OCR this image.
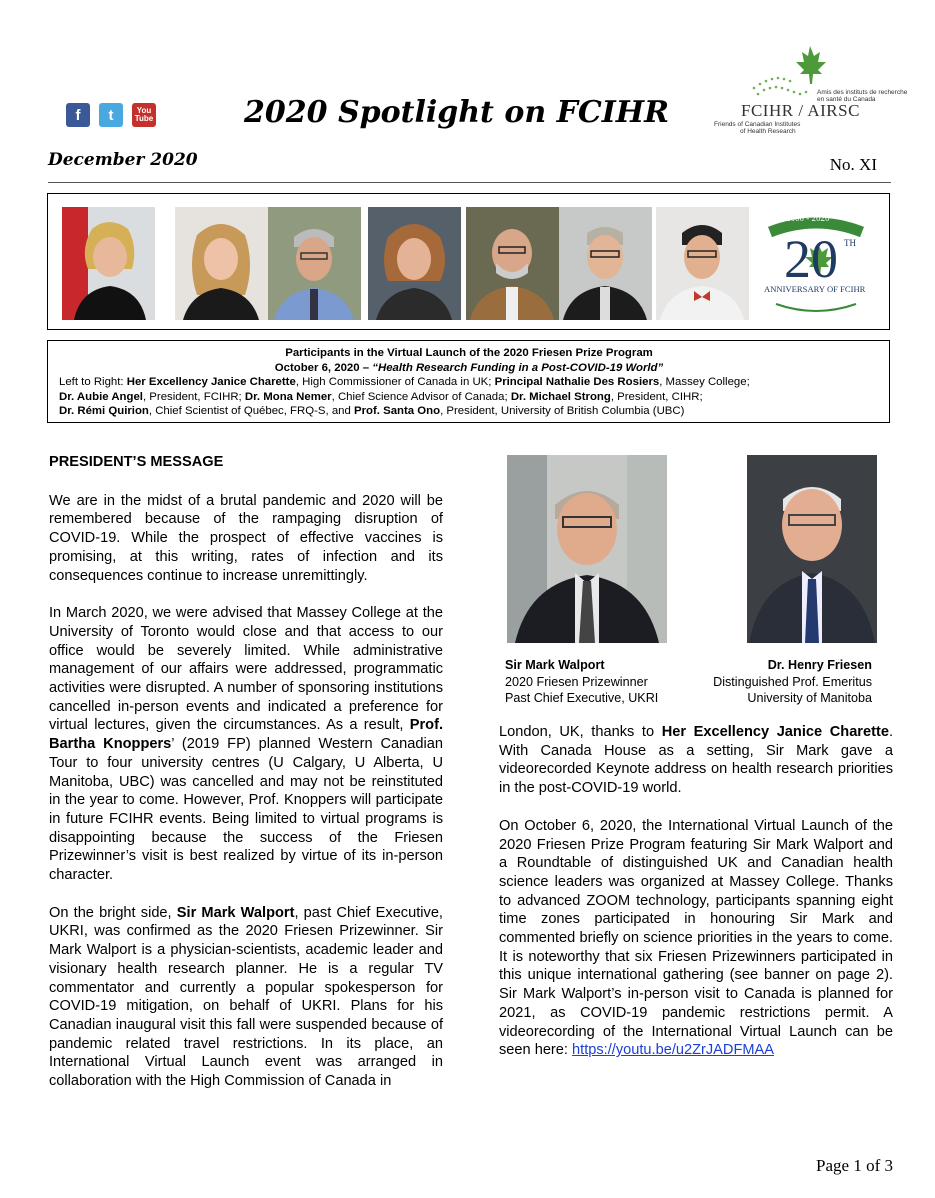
f	t	You
Tube	2020 Spotlight on FCIHR
Amis des instituts de recherche
en santé du Canada
FCIHR / AIRSC
Friends of Canadian Institutes
of Health Research
December 2020	No. XI
2000 - 2020
20 TH
ANNIVERSARY OF FCIHR
Participants in the Virtual Launch of the 2020 Friesen Prize Program
October 6, 2020 – “Health Research Funding in a Post-COVID-19 World”
Left to Right: Her Excellency Janice Charette, High Commissioner of Canada in UK; Principal Nathalie Des Rosiers, Massey College;
Dr. Aubie Angel, President, FCIHR; Dr. Mona Nemer, Chief Science Advisor of Canada; Dr. Michael Strong, President, CIHR;
Dr. Rémi Quirion, Chief Scientist of Québec, FRQ-S, and Prof. Santa Ono, President, University of British Columbia (UBC)
PRESIDENT’S MESSAGE

We are in the midst of a brutal pandemic and 2020 will be remembered because of the rampaging disruption of COVID-19. While the prospect of effective vaccines is promising, at this writing, rates of infection and its consequences continue to increase unremittingly.

In March 2020, we were advised that Massey College at the University of Toronto would close and that access to our office would be severely limited. While administrative management of our affairs were addressed, programmatic activities were disrupted. A number of sponsoring institutions cancelled in-person events and indicated a preference for virtual lectures, given the circumstances. As a result, Prof. Bartha Knoppers’ (2019 FP) planned Western Canadian Tour to four university centres (U Calgary, U Alberta, U Manitoba, UBC) was cancelled and may not be reinstituted in the year to come. However, Prof. Knoppers will participate in future FCIHR events. Being limited to virtual programs is disappointing because the success of the Friesen Prizewinner’s visit is best realized by virtue of its in-person character.

On the bright side, Sir Mark Walport, past Chief Executive, UKRI, was confirmed as the 2020 Friesen Prizewinner. Sir Mark Walport is a physician-scientists, academic leader and visionary health research planner. He is a regular TV commentator and currently a popular spokesperson for COVID-19 mitigation, on behalf of UKRI. Plans for his Canadian inaugural visit this fall were suspended because of pandemic related travel restrictions. In its place, an International Virtual Launch event was arranged in collaboration with the High Commission of Canada in

Sir Mark Walport
2020 Friesen Prizewinner
Past Chief Executive, UKRI
Dr. Henry Friesen
Distinguished Prof. Emeritus
University of Manitoba

London, UK, thanks to Her Excellency Janice Charette. With Canada House as a setting, Sir Mark gave a videorecorded Keynote address on health research priorities in the post-COVID-19 world.

On October 6, 2020, the International Virtual Launch of the 2020 Friesen Prize Program featuring Sir Mark Walport and a Roundtable of distinguished UK and Canadian health science leaders was organized at Massey College. Thanks to advanced ZOOM technology, participants spanning eight time zones participated in honouring Sir Mark and commented briefly on science priorities in the years to come. It is noteworthy that six Friesen Prizewinners participated in this unique international gathering (see banner on page 2). Sir Mark Walport’s in-person visit to Canada is planned for 2021, as COVID-19 pandemic restrictions permit. A videorecording of the International Virtual Launch can be seen here: https://youtu.be/u2ZrJADFMAA

Page 1 of 3
